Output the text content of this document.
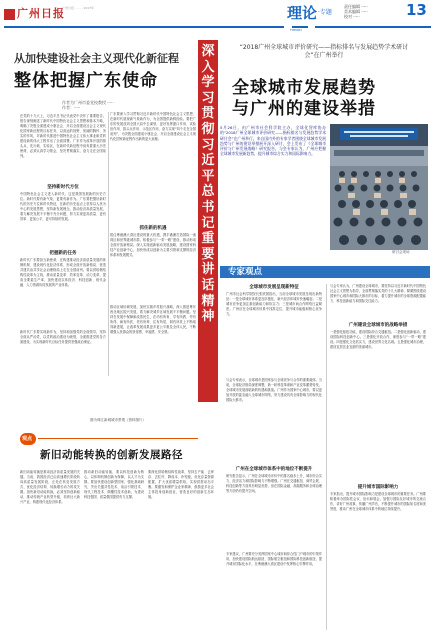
广州日报
广州日报 ········ 2017年	理论 ·专题
责任编辑 ·····
美术编辑 ·····
校对 ·····	13
THEORY
从加快建设社会主义现代化新征程
整体把握广东使命
作者为广州市委党校教授 ·····
作者：·····
在党的十九大上，习近平总书记代表党中央作了重要报告。报告深刻阐述了新时代中国特色社会主义思想和基本方略，明确了决胜全面建成小康社会、开启全面建设社会主义现代化国家新征程的目标任务，以高远的视野、宽阔的胸怀、务实的作风，对新时代推进中国特色社会主义伟大事业和党的建设新的伟大工程作出了全面部署。广东作为改革开放的排头兵、先行地、实验区，在新时代新征程中肩负着重大历史使命，必须认真学习领会，坚决贯彻落实，奋力走在全国前列。
坚持新时代方位
中国特色社会主义进入新时代，这是我国发展新的历史方位。新时代要有新气象，更要有新作为。广东要把握好新时代的历史方位和时代特征，在新的历史起点上坚持以人民为中心的发展思想，坚持新发展理念，推动经济高质量发展，着力解决发展不平衡不充分问题，努力实现更高质量、更有效率、更加公平、更可持续的发展。
把握新的任务
新时代广东要担当新使命，在构建推动经济高质量发展的体制机制、建设现代化经济体系、形成全面开放新格局、营造共建共治共享社会治理格局上走在全国前列。要以供给侧结构性改革为主线，推动质量变革、效率变革、动力变革，提高全要素生产率，加快建设实体经济、科技创新、现代金融、人力资源协同发展的产业体系。
新时代广东要实现新作为，坚持和加强党的全面领导，坚持全面从严治党，以党的政治建设为统领，全面推进党的各方面建设，为实现新时代目标任务提供坚强政治保证。
广东要深入学习贯彻习近平新时代中国特色社会主义思想，在新时代展现新气象新作为，为全国提供新鲜经验。要把广东的发展放到全国大局中去谋划，更好发挥窗口作用、试验田作用、排头兵作用、示范区作用，奋力实现“四个走在全国前列”，为决胜全面建成小康社会、开启全面建设社会主义现代化国家新征程作出新的更大贡献。
抓住新的机遇
抓住粤港澳大湾区建设的重大机遇，携手港澳打造国际一流湾区和世界级城市群。积极参与“一带一路”建设，推动形成全面开放新格局。深入实施创新驱动发展战略，建设国家科技产业创新中心，加快形成以创新为主要引领和支撑的经济体系和发展模式。
推动区域协调发展，加快实施乡村振兴战略，深入推进粤东西北地区振兴发展，着力解决城乡区域发展不平衡问题。坚持在发展中保障和改善民生，在幼有所育、学有所教、劳有所得、病有所医、老有所养、住有所居、弱有所扶上不断取得新进展，让改革发展成果更多更公平惠及全体人民，不断增强人民群众的获得感、幸福感、安全感。
图为珠江新城城市景观（资料图片）
深入学习贯彻习近平总书记重要讲话精神
“2018广州全球城市评价研究——指标排名与发展趋势学术研讨会”在广州举行
全球城市发展趋势
与广州的建设举措
5月26日，由广州市社会科学院主办，全球化智库协办的“2018广州全球城市评价研究——指标排名与发展趋势学术研讨会”在广州举行。来自国内外的专家学者围绕全球城市发展趋势与广州的建设举措展开深入研讨，会上发布了《全球城市评价与广州发展战略》研究报告。与会专家认为，广州应把握全球城市发展新趋势，提升城市综合实力和国际影响力。
研讨会现场
专家观点
全球城市发展呈现新特征
广州市社会科学院院长张跃国指出，当前全球城市发展呈现出新特征：一是全球城市体系更加多极化，新兴经济体城市快速崛起；二是城市竞争更加注重创新能力和软实力；三是城市间合作网络日益紧密。广州应在全球城市体系中找准定位，提升城市能级和核心竞争力。
与会专家表示，全球城市是国家参与全球竞争与合作的重要载体。当前，全球经济格局深度调整，新一轮科技革命和产业变革蓄势待发，全球城市发展面临新的机遇和挑战。广州作为国家中心城市，要以更加开放的姿态融入全球城市网络，努力建设具有全球影响力的现代化国际大都市。
广州在全球城市体系中的地位不断提升
研究报告显示，广州在全球城市评价中的排名稳步上升，城市综合实力、经济活力和国际影响力不断增强。广州在交通枢纽、商贸会展、科技创新等方面具有明显优势，但在国际金融、高端服务和全球治理等方面仍有提升空间。
专家建议，广州要充分发挥国家中心城市和综合性门户城市的引领作用，加快建设国际航运枢纽、国际航空枢纽和国际科技创新枢纽，提升城市国际化水平，在粤港澳大湾区建设中发挥核心引擎作用。
与会专家认为，广州建设全球城市，要坚持以习近平新时代中国特色社会主义思想为指导，全面贯彻落实党的十九大精神，紧紧围绕建设国家中心城市和国际大都市的目标，着力提升城市的全球资源配置能力、科技创新能力和国际交往能力。
广州建设全球城市的战略举措
一是强化枢纽功能，建设国际综合交通枢纽。二是强化创新驱动，建设国际科技创新中心。三是强化开放合作，深度参与“一带一路”建设。四是强化文化软实力，建设世界文化名城。五是强化城市治理，建设宜居宜业宜游的美丽城市。
提升城市国际影响力
专家指出，提升城市国际影响力是建设全球城市的重要任务。广州要积极举办国际性会议、论坛和展会，加强与国际友好城市的交流合作，讲好广州故事，传播广州声音，不断提升城市的国际知名度和美誉度，推动广州在全球城市体系中的地位持续提升。
观点
新旧动能转换的创新发展路径
新旧动能转换是推动经济高质量发展的关键。当前，我国经济已由高速增长阶段转向高质量发展阶段，正处在转变发展方式、优化经济结构、转换增长动力的攻关期。加快新旧动能转换，必须坚持创新驱动，推动传统产业转型升级，培育壮大新兴产业，构建现代化经济体系。
推动新旧动能转换，要以科技创新为核心，以体制机制创新为保障，以人才为支撑。要加快建设创新型国家，强化基础研究，突出关键共性技术、前沿引领技术、现代工程技术、颠覆性技术创新，为建设科技强国、质量强国提供有力支撑。
要深化供给侧结构性改革，坚持去产能、去库存、去杠杆、降成本、补短板，优化存量资源配置，扩大优质增量供给，实现供需动态平衡。要激发和保护企业家精神，鼓励更多社会主体投身创新创业，营造良好的创新生态环境。
